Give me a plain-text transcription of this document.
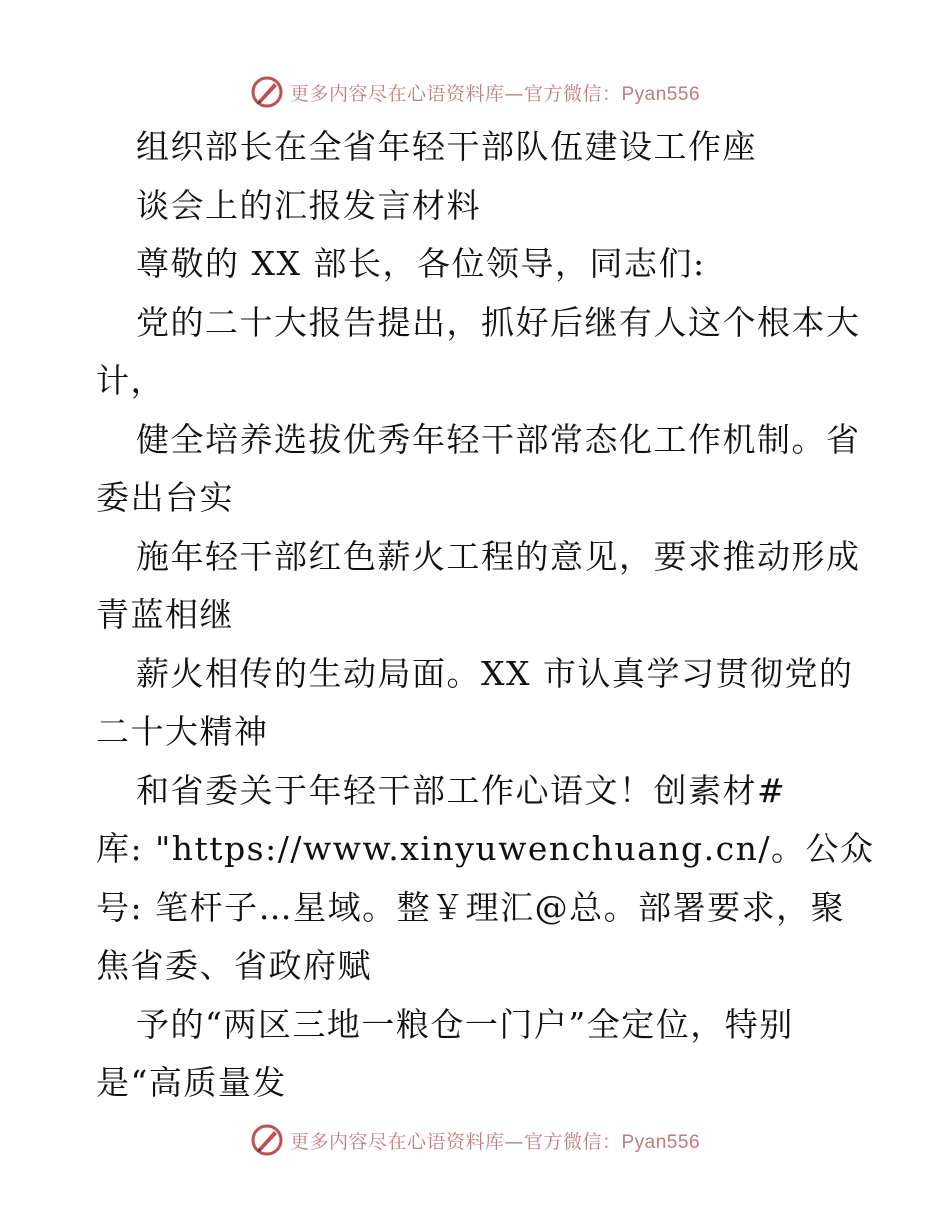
更多内容尽在心语资料库—官方微信：Pyan556
组织部长在全省年轻干部队伍建设工作座
谈会上的汇报发言材料
尊敬的 XX 部长，各位领导，同志们:
党的二十大报告提出，抓好后继有人这个根本大
计，
健全培养选拔优秀年轻干部常态化工作机制。省
委出台实
施年轻干部红色薪火工程的意见，要求推动形成
青蓝相继
薪火相传的生动局面。XX 市认真学习贯彻党的
二十大精神
和省委关于年轻干部工作心语文！创素材#
库: "https://www.xinyuwenchuang.cn/。公众
号: 笔杆子…星域。整￥理汇@总。部署要求，聚
焦省委、省政府赋
予的“两区三地一粮仓一门户”全定位，特别
是“高质量发
更多内容尽在心语资料库—官方微信：Pyan556
